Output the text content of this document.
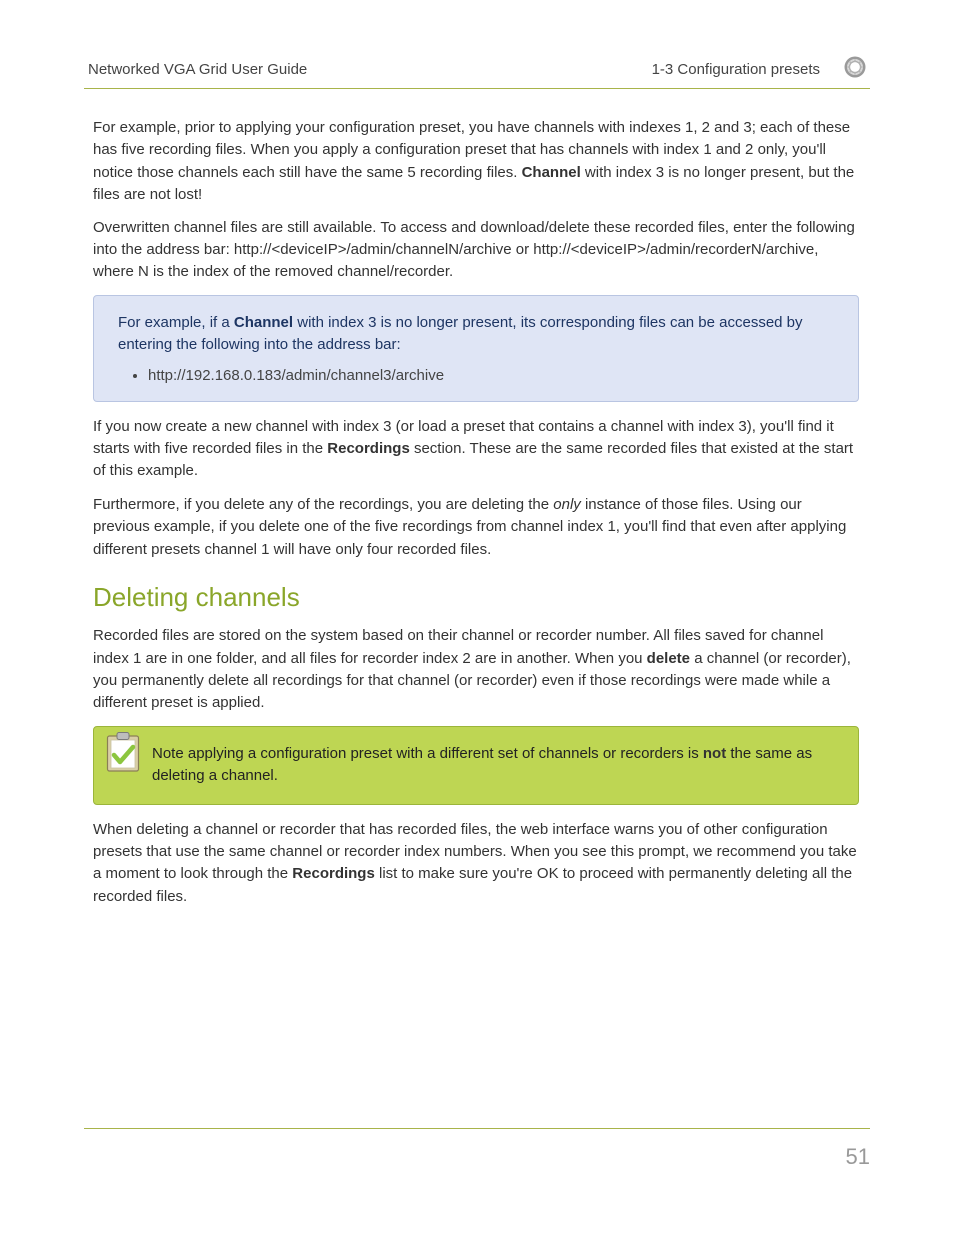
Networked VGA Grid User Guide	1-3 Configuration presets

For example, prior to applying your configuration preset, you have channels with indexes 1, 2 and 3; each of these has five recording files. When you apply a configuration preset that has channels with index 1 and 2 only, you'll notice those channels each still have the same 5 recording files. Channel with index 3 is no longer present, but the files are not lost!

Overwritten channel files are still available. To access and download/delete these recorded files, enter the following into the address bar: http://<deviceIP>/admin/channelN/archive or http://<deviceIP>/admin/recorderN/archive, where N is the index of the removed channel/recorder.

For example, if a Channel with index 3 is no longer present, its corresponding files can be accessed by entering the following into the address bar:

• http://192.168.0.183/admin/channel3/archive

If you now create a new channel with index 3 (or load a preset that contains a channel with index 3), you'll find it starts with five recorded files in the Recordings section. These are the same recorded files that existed at the start of this example.

Furthermore, if you delete any of the recordings, you are deleting the only instance of those files. Using our previous example, if you delete one of the five recordings from channel index 1, you'll find that even after applying different presets channel 1 will have only four recorded files.

Deleting channels

Recorded files are stored on the system based on their channel or recorder number. All files saved for channel index 1 are in one folder, and all files for recorder index 2 are in another. When you delete a channel (or recorder), you permanently delete all recordings for that channel (or recorder) even if those recordings were made while a different preset is applied.

Note applying a configuration preset with a different set of channels or recorders is not the same as deleting a channel.

When deleting a channel or recorder that has recorded files, the web interface warns you of other configuration presets that use the same channel or recorder index numbers. When you see this prompt, we recommend you take a moment to look through the Recordings list to make sure you're OK to proceed with permanently deleting all the recorded files.

51
